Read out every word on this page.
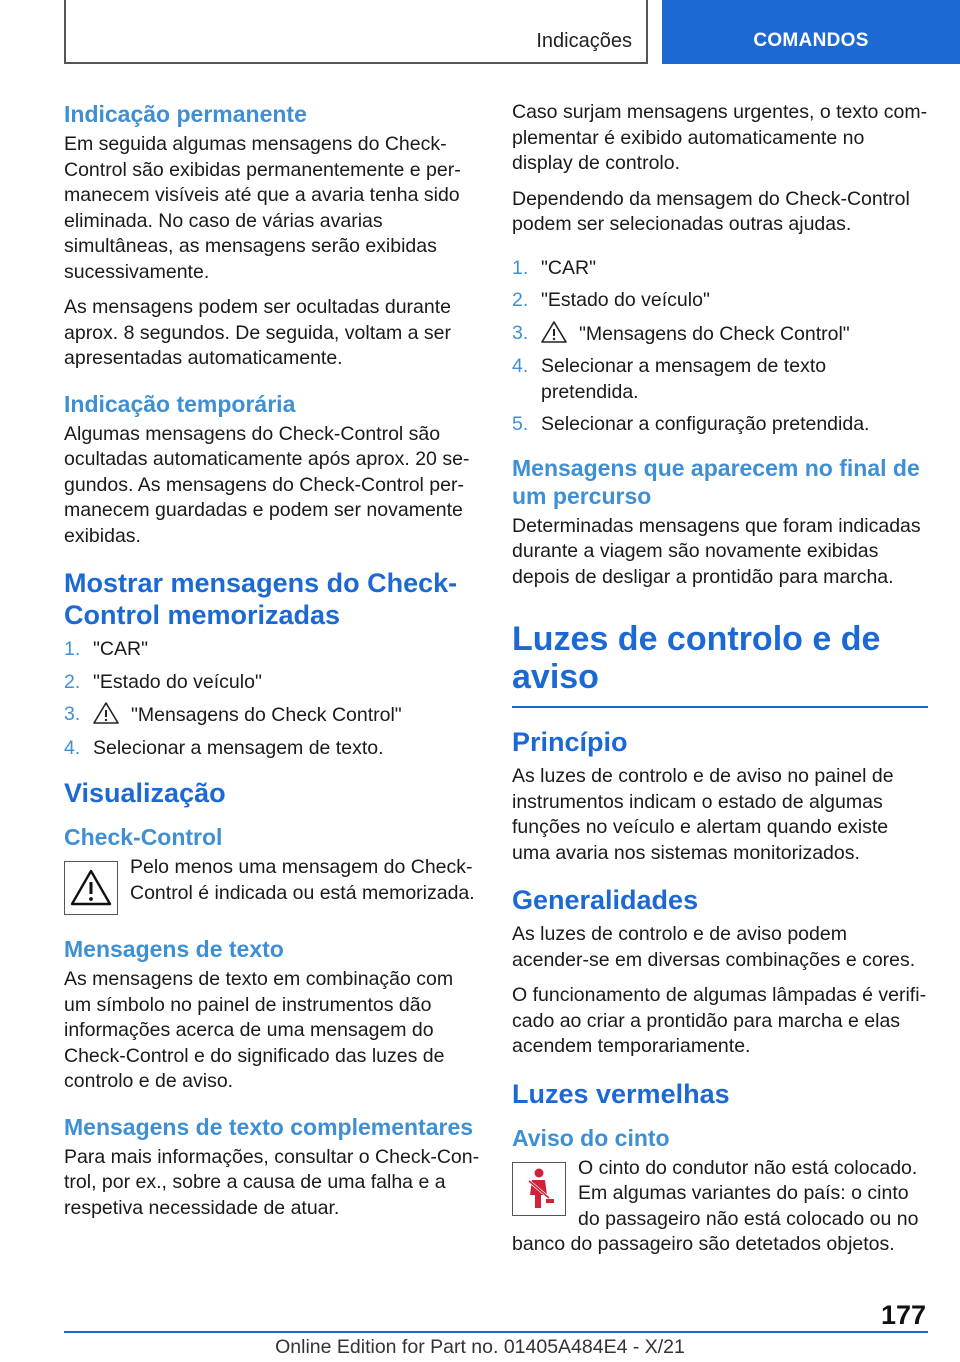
Indicações	COMANDOS
Indicação permanente

Em seguida algumas mensagens do Check-Control são exibidas permanentemente e permanecem visíveis até que a avaria tenha sido eliminada. No caso de várias avarias simultâneas, as mensagens serão exibidas sucessivamente.

As mensagens podem ser ocultadas durante aprox. 8 segundos. De seguida, voltam a ser apresentadas automaticamente.

Indicação temporária

Algumas mensagens do Check-Control são ocultadas automaticamente após aprox. 20 segundos. As mensagens do Check-Control permanecem guardadas e podem ser novamente exibidas.

Mostrar mensagens do Check-Control memorizadas
1. "CAR"
2. "Estado do veículo"
3.	"Mensagens do Check Control"
4. Selecionar a mensagem de texto.
Visualização
Check-Control

Pelo menos uma mensagem do Check-Control é indicada ou está memorizada.

Mensagens de texto

As mensagens de texto em combinação com um símbolo no painel de instrumentos dão informações acerca de uma mensagem do Check-Control e do significado das luzes de controlo e de aviso.

Mensagens de texto complementares

Para mais informações, consultar o Check-Control, por ex., sobre a causa de uma falha e a respetiva necessidade de atuar.

Caso surjam mensagens urgentes, o texto complementar é exibido automaticamente no display de controlo.

Dependendo da mensagem do Check-Control podem ser selecionadas outras ajudas.

1. "CAR"
2. "Estado do veículo"
3.	"Mensagens do Check Control"
4. Selecionar a mensagem de texto pretendida.
5. Selecionar a configuração pretendida.
Mensagens que aparecem no final de um percurso

Determinadas mensagens que foram indicadas durante a viagem são novamente exibidas depois de desligar a prontidão para marcha.

Luzes de controlo e de aviso
Princípio

As luzes de controlo e de aviso no painel de instrumentos indicam o estado de algumas funções no veículo e alertam quando existe uma avaria nos sistemas monitorizados.

Generalidades

As luzes de controlo e de aviso podem acender-se em diversas combinações e cores.

O funcionamento de algumas lâmpadas é verificado ao criar a prontidão para marcha e elas acendem temporariamente.

Luzes vermelhas
Aviso do cinto

O cinto do condutor não está colocado. Em algumas variantes do país: o cinto do passageiro não está colocado ou no

banco do passageiro são detetados objetos.

177
Online Edition for Part no. 01405A484E4 - X/21
